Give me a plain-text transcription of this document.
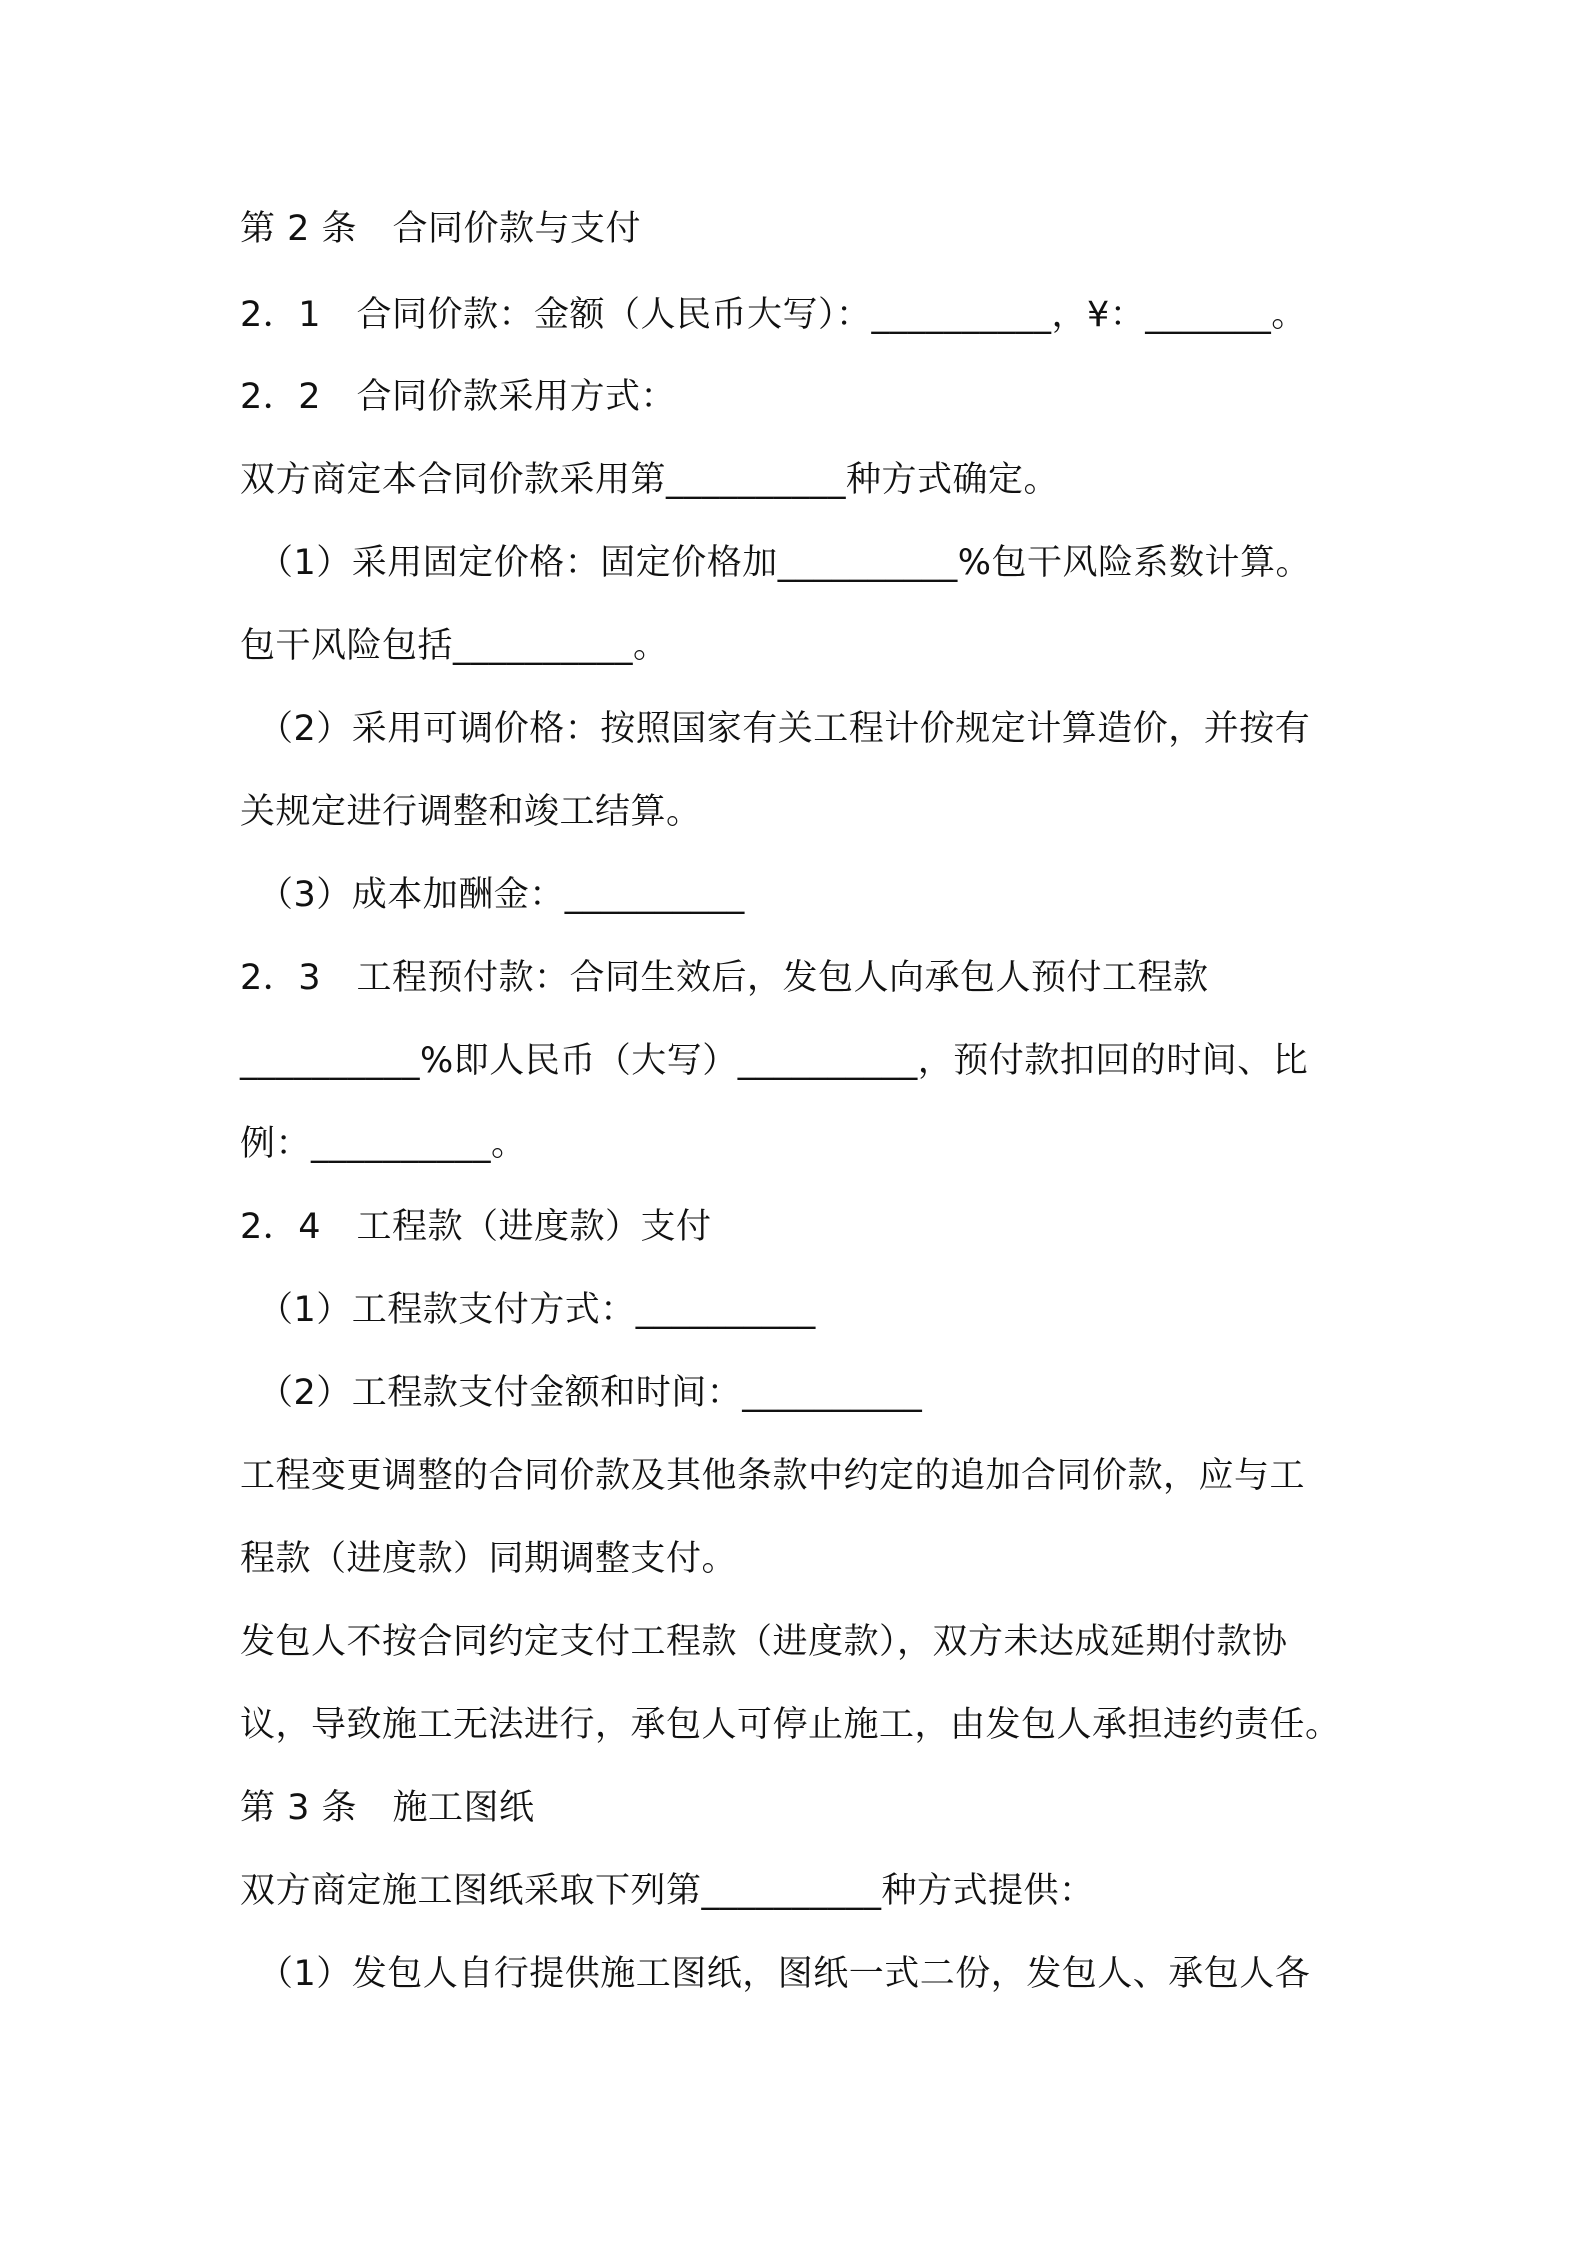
第 2 条　合同价款与支付
2．1　合同价款：金额（人民币大写）：__________，¥：_______。
2．2　合同价款采用方式：
双方商定本合同价款采用第__________种方式确定。
（1）采用固定价格：固定价格加__________%包干风险系数计算。
包干风险包括__________。
（2）采用可调价格：按照国家有关工程计价规定计算造价，并按有
关规定进行调整和竣工结算。
（3）成本加酬金：__________
2．3　工程预付款：合同生效后，发包人向承包人预付工程款
__________%即人民币（大写）__________，预付款扣回的时间、比
例：__________。
2．4　工程款（进度款）支付
（1）工程款支付方式：__________
（2）工程款支付金额和时间：__________
工程变更调整的合同价款及其他条款中约定的追加合同价款，应与工
程款（进度款）同期调整支付。
发包人不按合同约定支付工程款（进度款），双方未达成延期付款协
议，导致施工无法进行，承包人可停止施工，由发包人承担违约责任。
第 3 条　施工图纸
双方商定施工图纸采取下列第__________种方式提供：
（1）发包人自行提供施工图纸，图纸一式二份，发包人、承包人各
